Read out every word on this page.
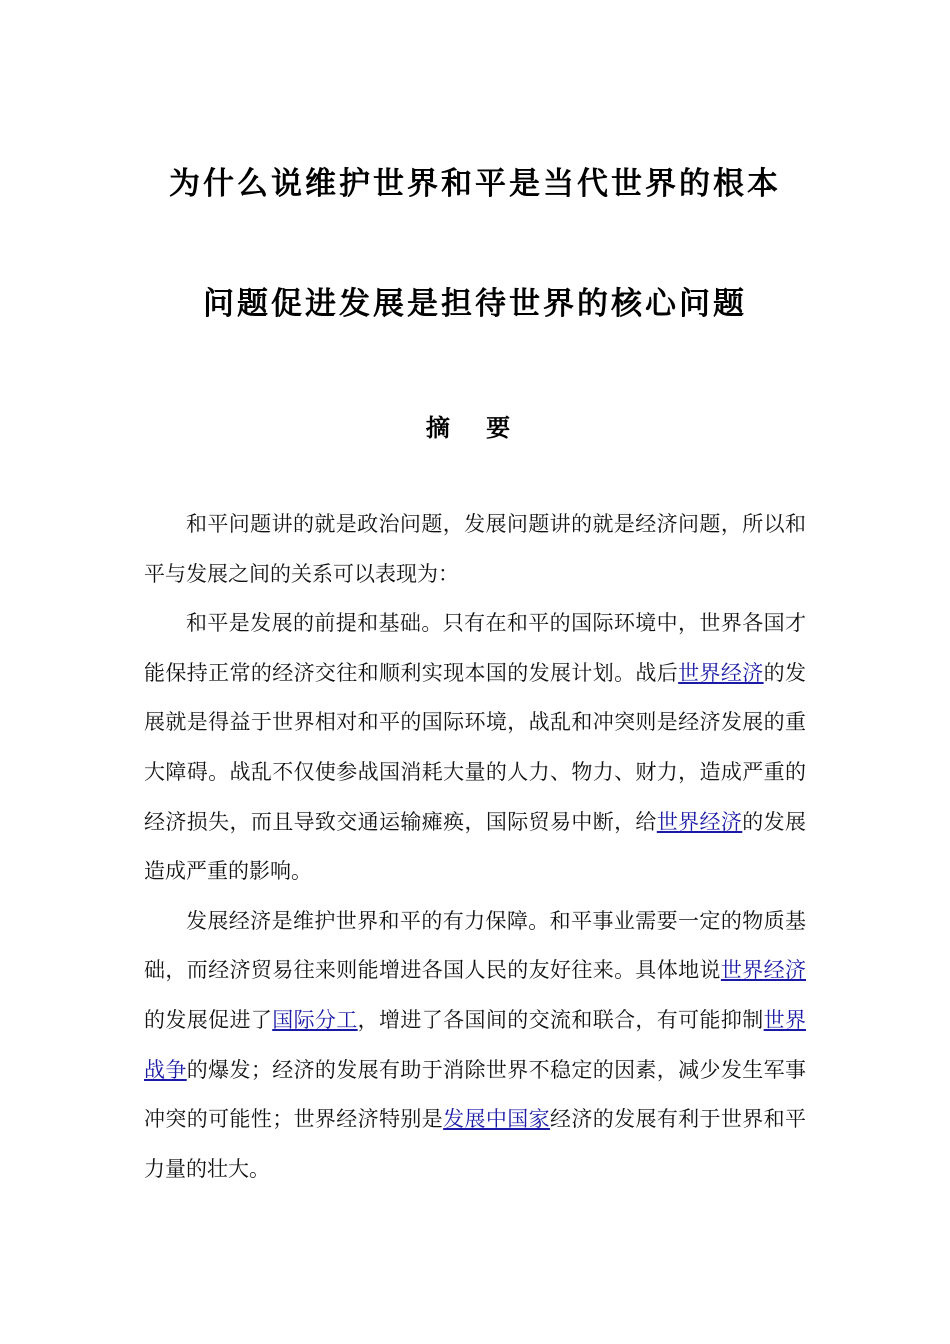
为什么说维护世界和平是当代世界的根本
问题促进发展是担待世界的核心问题
摘 要

和平问题讲的就是政治问题，发展问题讲的就是经济问题，所以和平与发展之间的关系可以表现为：

和平是发展的前提和基础。只有在和平的国际环境中，世界各国才能保持正常的经济交往和顺利实现本国的发展计划。战后世界经济的发展就是得益于世界相对和平的国际环境，战乱和冲突则是经济发展的重大障碍。战乱不仅使参战国消耗大量的人力、物力、财力，造成严重的经济损失，而且导致交通运输瘫痪，国际贸易中断，给世界经济的发展造成严重的影响。

发展经济是维护世界和平的有力保障。和平事业需要一定的物质基础，而经济贸易往来则能增进各国人民的友好往来。具体地说世界经济的发展促进了国际分工，增进了各国间的交流和联合，有可能抑制世界战争的爆发；经济的发展有助于消除世界不稳定的因素，减少发生军事冲突的可能性；世界经济特别是发展中国家经济的发展有利于世界和平力量的壮大。
